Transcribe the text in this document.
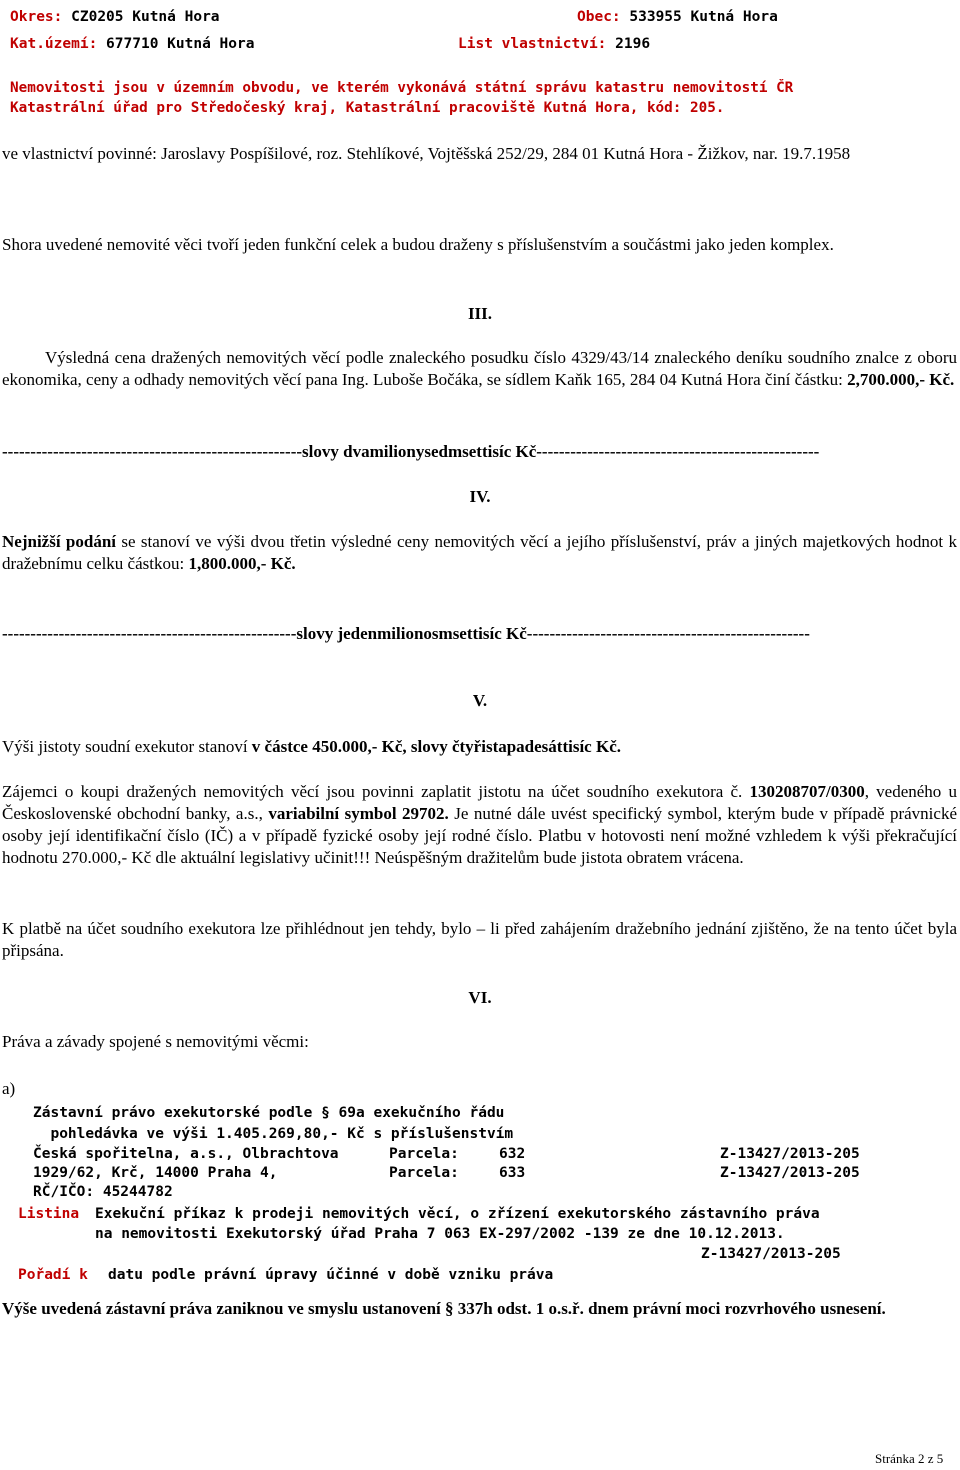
Okres: CZ0205 Kutná Hora	Obec: 533955 Kutná Hora
Kat.území: 677710 Kutná Hora	List vlastnictví: 2196
Nemovitosti jsou v územním obvodu, ve kterém vykonává státní správu katastru nemovitostí ČR
Katastrální úřad pro Středočeský kraj, Katastrální pracoviště Kutná Hora, kód: 205.
ve vlastnictví povinné: Jaroslavy Pospíšilové, roz. Stehlíkové, Vojtěšská 252/29, 284 01 Kutná Hora - Žižkov, nar. 19.7.1958
Shora uvedené nemovité věci tvoří jeden funkční celek a budou draženy s příslušenstvím a součástmi jako jeden komplex.
III.
Výsledná cena dražených nemovitých věcí podle znaleckého posudku číslo 4329/43/14 znaleckého deníku soudního znalce z oboru ekonomika, ceny a odhady nemovitých věcí pana Ing. Luboše Bočáka, se sídlem Kaňk 165, 284 04 Kutná Hora činí částku: 2,700.000,- Kč.
-----------------------------------------------------slovy dvamilionysedmsettisíc Kč--------------------------------------------------
IV.
Nejnižší podání se stanoví ve výši dvou třetin výsledné ceny nemovitých věcí a jejího příslušenství, práv a jiných majetkových hodnot k dražebnímu celku částkou: 1,800.000,- Kč.
----------------------------------------------------slovy jedenmilionosmsettisíc Kč--------------------------------------------------
V.
Výši jistoty soudní exekutor stanoví v částce 450.000,- Kč, slovy čtyřistapadesáttisíc Kč.
Zájemci o koupi dražených nemovitých věcí jsou povinni zaplatit jistotu na účet soudního exekutora č. 130208707/0300, vedeného u Československé obchodní banky, a.s., variabilní symbol 29702. Je nutné dále uvést specifický symbol, kterým bude v případě právnické osoby její identifikační číslo (IČ) a v případě fyzické osoby její rodné číslo. Platbu v hotovosti není možné vzhledem k výši překračující hodnotu 270.000,- Kč dle aktuální legislativy učinit!!! Neúspěšným dražitelům bude jistota obratem vrácena.
K platbě na účet soudního exekutora lze přihlédnout jen tehdy, bylo – li před zahájením dražebního jednání zjištěno, že na tento účet byla připsána.
VI.
Práva a závady spojené s nemovitými věcmi:
a)
Zástavní právo exekutorské podle § 69a exekučního řádu
pohledávka ve výši 1.405.269,80,- Kč s příslušenstvím
Česká spořitelna, a.s., Olbrachtova	Parcela:	632	Z-13427/2013-205
1929/62, Krč, 14000 Praha 4,	Parcela:	633	Z-13427/2013-205
RČ/IČO: 45244782
Listina Exekuční příkaz k prodeji nemovitých věcí, o zřízení exekutorského zástavního práva
na nemovitosti Exekutorský úřad Praha 7 063 EX-297/2002 -139 ze dne 10.12.2013.
Z-13427/2013-205
Pořadí k datu podle právní úpravy účinné v době vzniku práva
Výše uvedená zástavní práva zaniknou ve smyslu ustanovení § 337h odst. 1 o.s.ř. dnem právní moci rozvrhového usnesení.
Stránka 2 z 5
